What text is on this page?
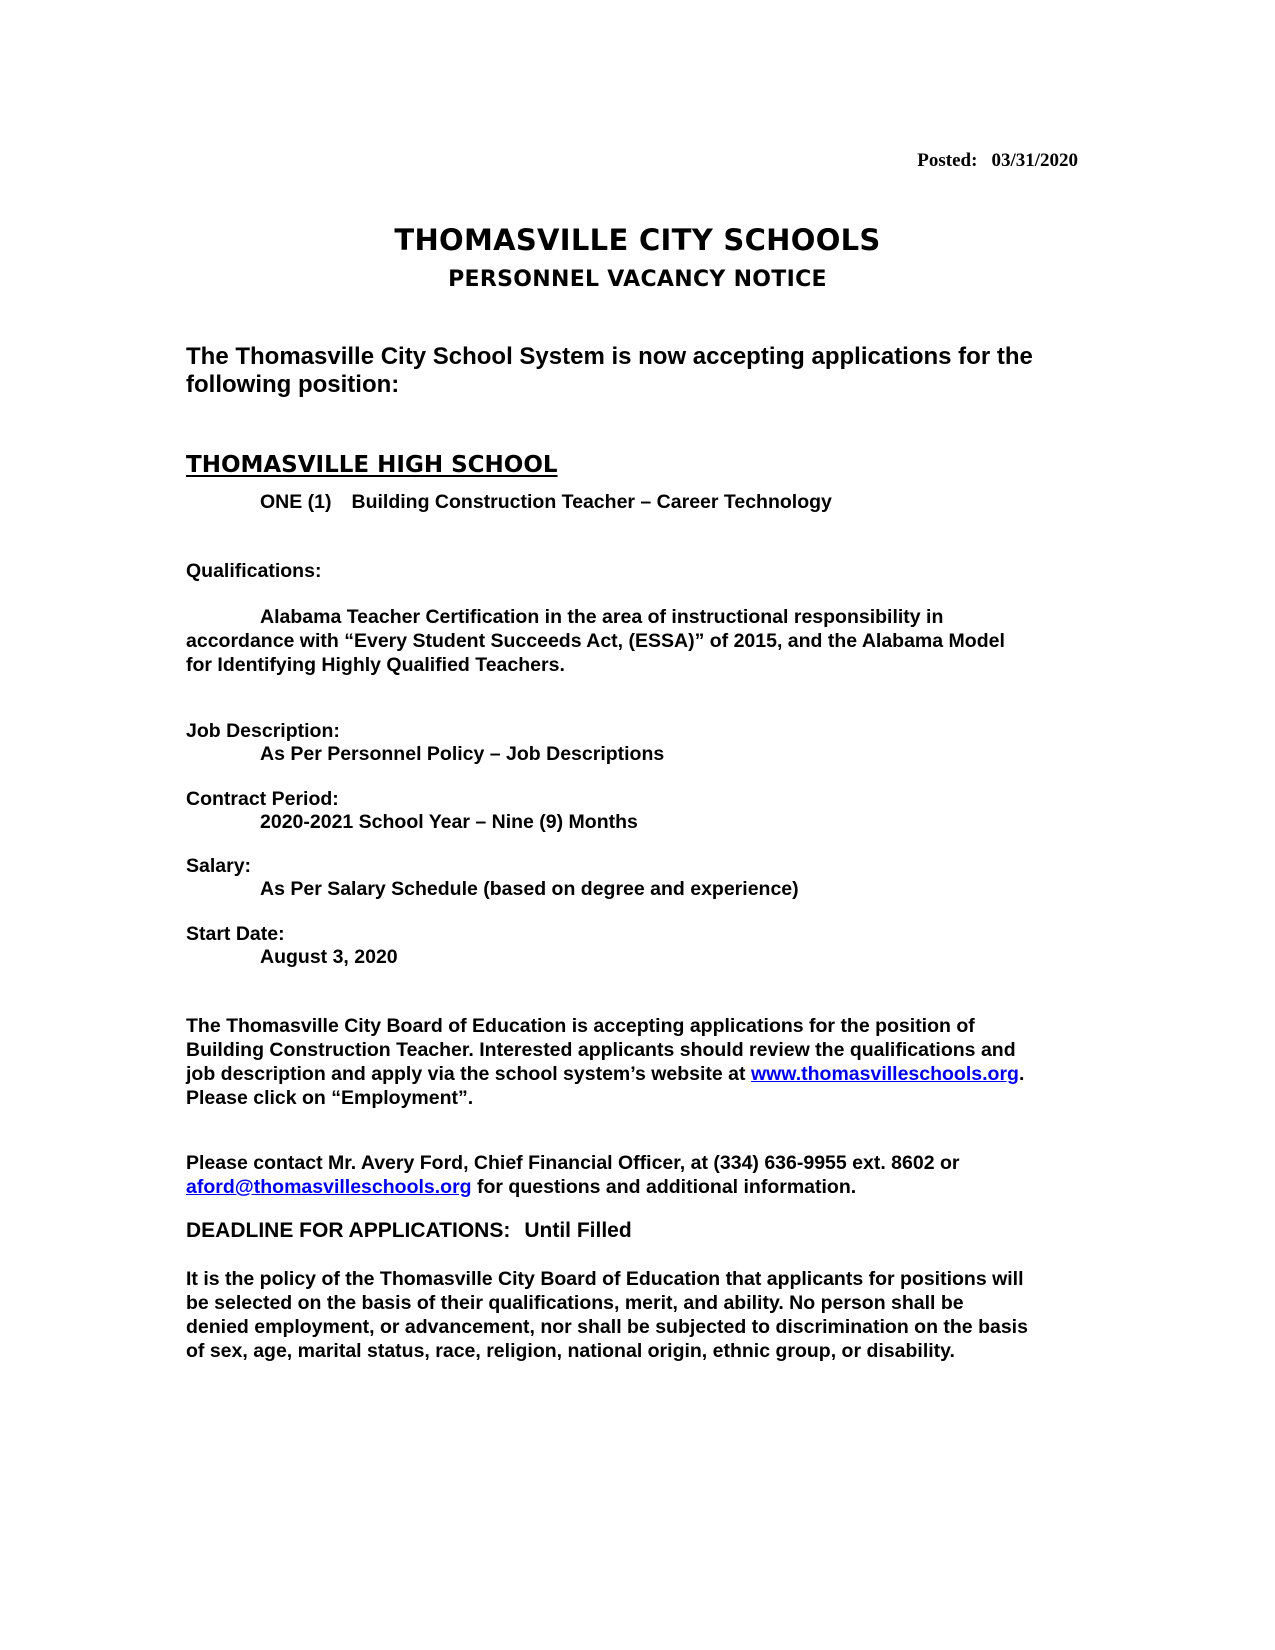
Posted: 03/31/2020
THOMASVILLE CITY SCHOOLS
PERSONNEL VACANCY NOTICE
The Thomasville City School System is now accepting applications for the
following position:
THOMASVILLE HIGH SCHOOL
ONE (1) Building Construction Teacher – Career Technology
Qualifications:
Alabama Teacher Certification in the area of instructional responsibility in
accordance with “Every Student Succeeds Act, (ESSA)” of 2015, and the Alabama Model
for Identifying Highly Qualified Teachers.
Job Description:
As Per Personnel Policy – Job Descriptions
Contract Period:
2020-2021 School Year – Nine (9) Months
Salary:
As Per Salary Schedule (based on degree and experience)
Start Date:
August 3, 2020
The Thomasville City Board of Education is accepting applications for the position of
Building Construction Teacher. Interested applicants should review the qualifications and
job description and apply via the school system’s website at www.thomasvilleschools.org.
Please click on “Employment”.
Please contact Mr. Avery Ford, Chief Financial Officer, at (334) 636-9955 ext. 8602 or
aford@thomasvilleschools.org for questions and additional information.
DEADLINE FOR APPLICATIONS: Until Filled
It is the policy of the Thomasville City Board of Education that applicants for positions will
be selected on the basis of their qualifications, merit, and ability. No person shall be
denied employment, or advancement, nor shall be subjected to discrimination on the basis
of sex, age, marital status, race, religion, national origin, ethnic group, or disability.
